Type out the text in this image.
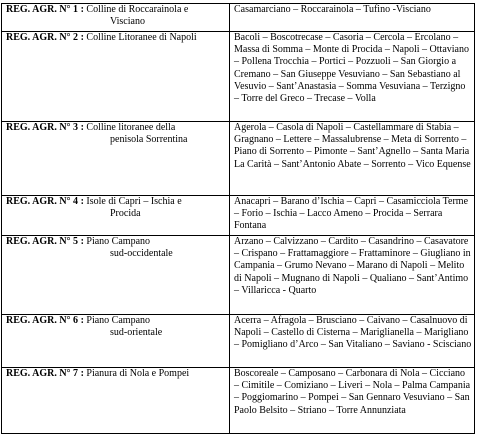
REG. AGR. N° 1 : Colline di Roccarainola e
Visciano	Casamarciano – Roccarainola – Tufino -Visciano
REG. AGR. N° 2 : Colline Litoranee di Napoli	Bacoli – Boscotrecase – Casoria – Cercola – Ercolano – Massa di Somma – Monte di Procida – Napoli – Ottaviano – Pollena Trocchia – Portici – Pozzuoli – San Giorgio a Cremano – San Giuseppe Vesuviano – San Sebastiano al Vesuvio – Sant’Anastasia – Somma Vesuviana – Terzigno – Torre del Greco – Trecase – Volla
REG. AGR. N° 3 : Colline litoranee della
penisola Sorrentina	Agerola – Casola di Napoli – Castellammare di Stabia – Gragnano – Lettere – Massalubrense – Meta di Sorrento – Piano di Sorrento – Pimonte – Sant’Agnello – Santa Maria La Carità – Sant’Antonio Abate – Sorrento – Vico Equense
REG. AGR. N° 4 : Isole di Capri – Ischia e
Procida	Anacapri – Barano d’Ischia – Capri – Casamicciola Terme – Forio – Ischia – Lacco Ameno – Procida – Serrara Fontana
REG. AGR. N° 5 : Piano Campano
sud-occidentale	Arzano – Calvizzano – Cardito – Casandrino – Casavatore – Crispano – Frattamaggiore – Frattaminore – Giugliano in Campania – Grumo Nevano – Marano di Napoli – Melito di Napoli – Mugnano di Napoli – Qualiano – Sant’Antimo – Villaricca - Quarto
REG. AGR. N° 6 : Piano Campano
sud-orientale	Acerra – Afragola – Brusciano – Caivano – Casalnuovo di Napoli – Castello di Cisterna – Mariglianella – Marigliano – Pomigliano d’Arco – San Vitaliano – Saviano - Scisciano
REG. AGR. N° 7 : Pianura di Nola e Pompei	Boscoreale – Camposano – Carbonara di Nola – Cicciano – Cimitile – Comiziano – Liveri – Nola – Palma Campania – Poggiomarino – Pompei – San Gennaro Vesuviano – San Paolo Belsito – Striano – Torre Annunziata
